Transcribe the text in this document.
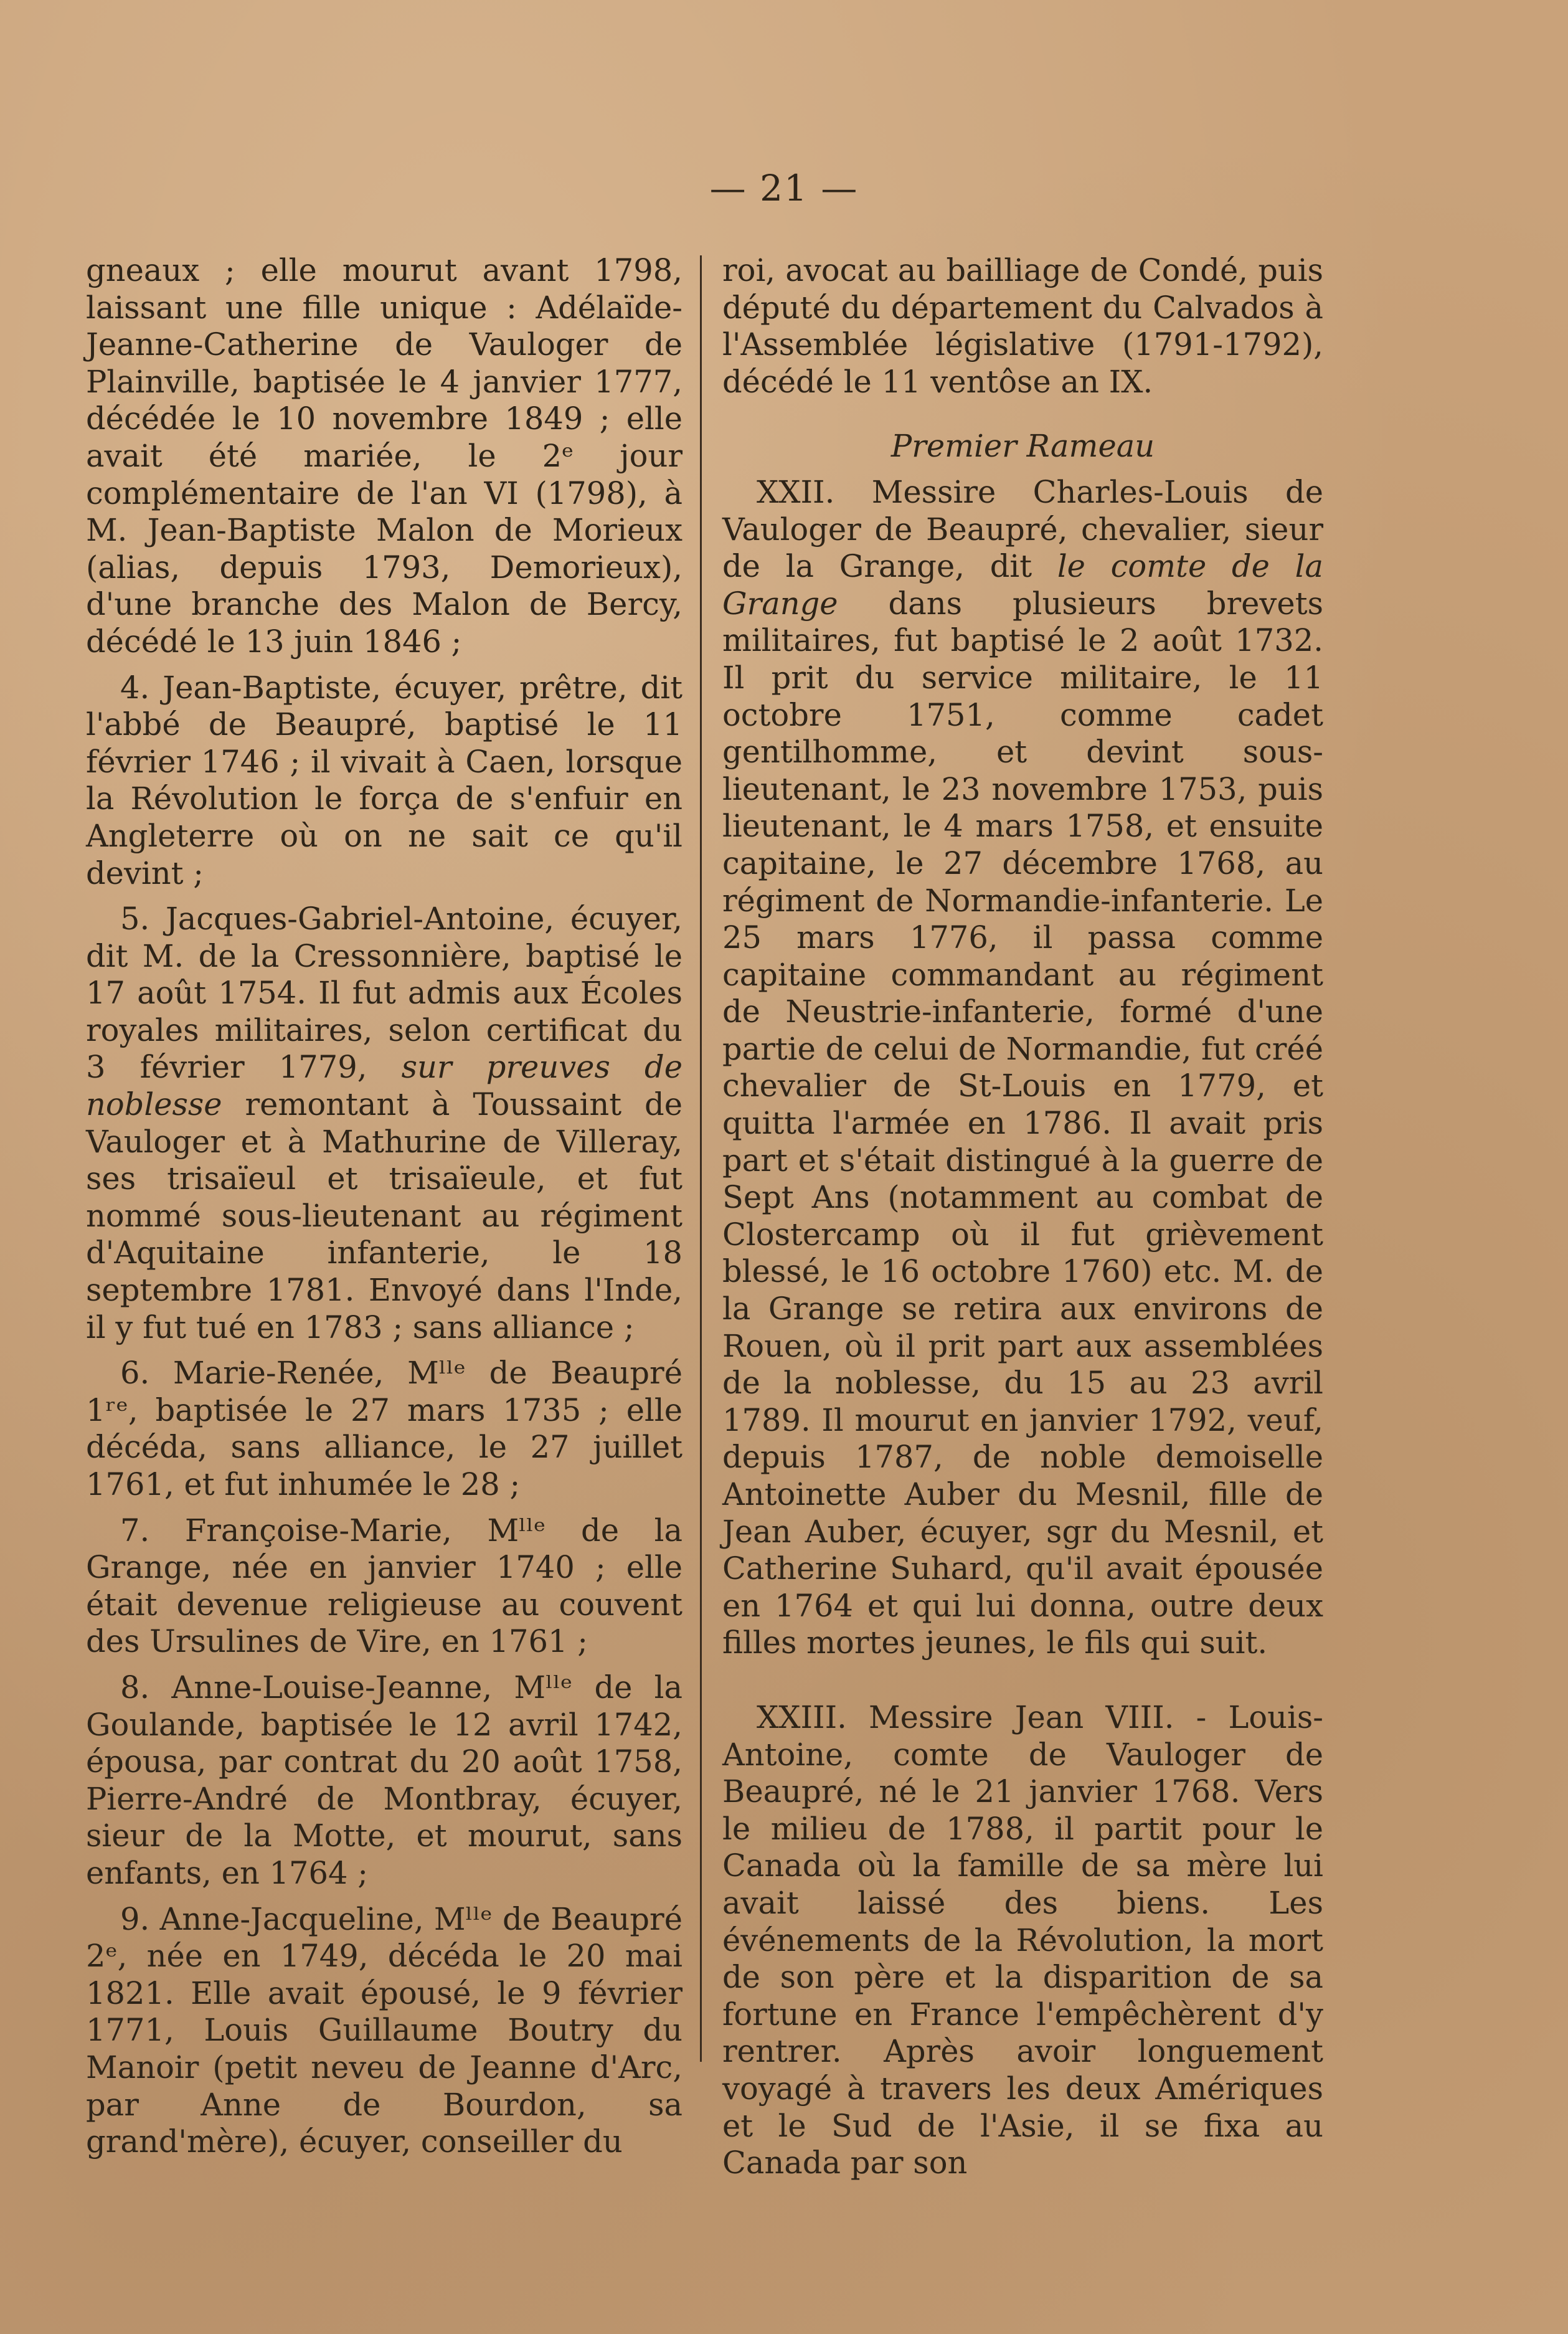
— 21 —

gneaux ; elle mourut avant 1798, laissant une fille unique : Adélaïde-Jeanne-Catherine de Vauloger de Plainville, baptisée le 4 janvier 1777, décédée le 10 novembre 1849 ; elle avait été mariée, le 2ᵉ jour complémentaire de l'an VI (1798), à M. Jean-Baptiste Malon de Morieux (alias, depuis 1793, Demorieux), d'une branche des Malon de Bercy, décédé le 13 juin 1846 ;

4. Jean-Baptiste, écuyer, prêtre, dit l'abbé de Beaupré, baptisé le 11 février 1746 ; il vivait à Caen, lorsque la Révolution le força de s'enfuir en Angleterre où on ne sait ce qu'il devint ;

5. Jacques-Gabriel-Antoine, écuyer, dit M. de la Cressonnière, baptisé le 17 août 1754. Il fut admis aux Écoles royales militaires, selon certificat du 3 février 1779, sur preuves de noblesse remontant à Toussaint de Vauloger et à Mathurine de Villeray, ses trisaïeul et trisaïeule, et fut nommé sous-lieutenant au régiment d'Aquitaine infanterie, le 18 septembre 1781. Envoyé dans l'Inde, il y fut tué en 1783 ; sans alliance ;

6. Marie-Renée, Mˡˡᵉ de Beaupré 1ʳᵉ, baptisée le 27 mars 1735 ; elle décéda, sans alliance, le 27 juillet 1761, et fut inhumée le 28 ;

7. Françoise-Marie, Mˡˡᵉ de la Grange, née en janvier 1740 ; elle était devenue religieuse au couvent des Ursulines de Vire, en 1761 ;

8. Anne-Louise-Jeanne, Mˡˡᵉ de la Goulande, baptisée le 12 avril 1742, épousa, par contrat du 20 août 1758, Pierre-André de Montbray, écuyer, sieur de la Motte, et mourut, sans enfants, en 1764 ;

9. Anne-Jacqueline, Mˡˡᵉ de Beaupré 2ᵉ, née en 1749, décéda le 20 mai 1821. Elle avait épousé, le 9 février 1771, Louis Guillaume Boutry du Manoir (petit neveu de Jeanne d'Arc, par Anne de Bourdon, sa grand'mère), écuyer, conseiller du

roi, avocat au bailliage de Condé, puis député du département du Calvados à l'Assemblée législative (1791-1792), décédé le 11 ventôse an IX.

Premier Rameau

XXII. Messire Charles-Louis de Vauloger de Beaupré, chevalier, sieur de la Grange, dit le comte de la Grange dans plusieurs brevets militaires, fut baptisé le 2 août 1732. Il prit du service militaire, le 11 octobre 1751, comme cadet gentilhomme, et devint sous-lieutenant, le 23 novembre 1753, puis lieutenant, le 4 mars 1758, et ensuite capitaine, le 27 décembre 1768, au régiment de Normandie-infanterie. Le 25 mars 1776, il passa comme capitaine commandant au régiment de Neustrie-infanterie, formé d'une partie de celui de Normandie, fut créé chevalier de St-Louis en 1779, et quitta l'armée en 1786. Il avait pris part et s'était distingué à la guerre de Sept Ans (notamment au combat de Clostercamp où il fut grièvement blessé, le 16 octobre 1760) etc. M. de la Grange se retira aux environs de Rouen, où il prit part aux assemblées de la noblesse, du 15 au 23 avril 1789. Il mourut en janvier 1792, veuf, depuis 1787, de noble demoiselle Antoinette Auber du Mesnil, fille de Jean Auber, écuyer, sgr du Mesnil, et Catherine Suhard, qu'il avait épousée en 1764 et qui lui donna, outre deux filles mortes jeunes, le fils qui suit.

XXIII. Messire Jean VIII. - Louis-Antoine, comte de Vauloger de Beaupré, né le 21 janvier 1768. Vers le milieu de 1788, il partit pour le Canada où la famille de sa mère lui avait laissé des biens. Les événements de la Révolution, la mort de son père et la disparition de sa fortune en France l'empêchèrent d'y rentrer. Après avoir longuement voyagé à travers les deux Amériques et le Sud de l'Asie, il se fixa au Canada par son
